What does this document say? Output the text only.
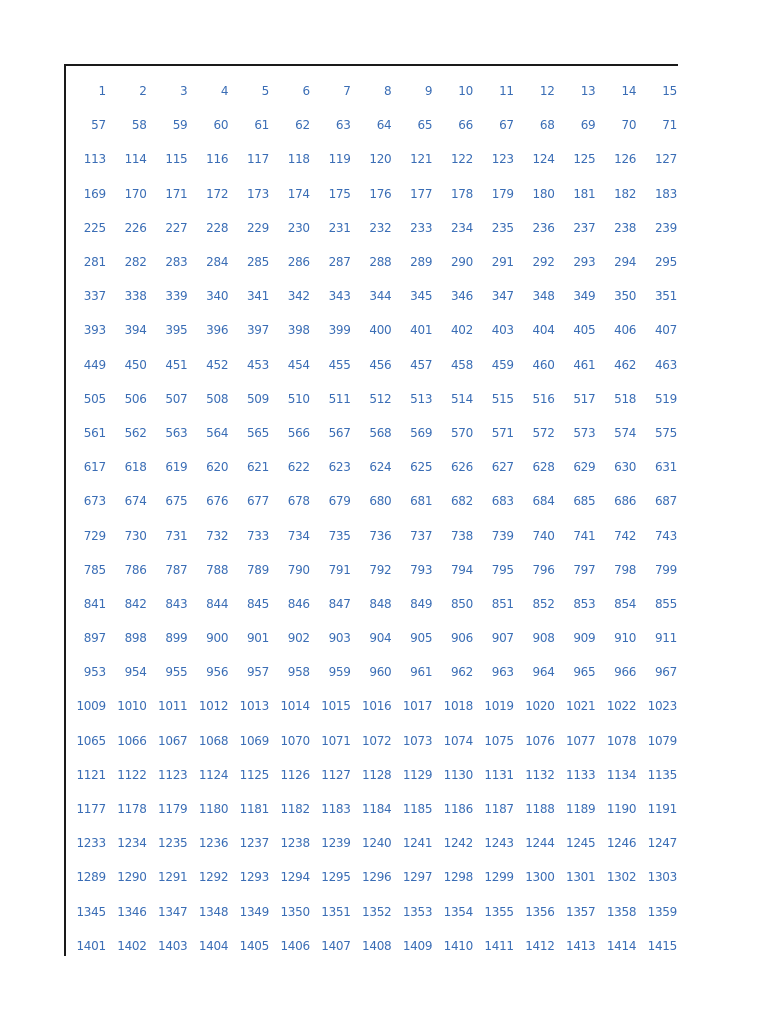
1	2	3	4	5	6	7	8	9	10	11	12	13	14	15
57	58	59	60	61	62	63	64	65	66	67	68	69	70	71
113	114	115	116	117	118	119	120	121	122	123	124	125	126	127
169	170	171	172	173	174	175	176	177	178	179	180	181	182	183
225	226	227	228	229	230	231	232	233	234	235	236	237	238	239
281	282	283	284	285	286	287	288	289	290	291	292	293	294	295
337	338	339	340	341	342	343	344	345	346	347	348	349	350	351
393	394	395	396	397	398	399	400	401	402	403	404	405	406	407
449	450	451	452	453	454	455	456	457	458	459	460	461	462	463
505	506	507	508	509	510	511	512	513	514	515	516	517	518	519
561	562	563	564	565	566	567	568	569	570	571	572	573	574	575
617	618	619	620	621	622	623	624	625	626	627	628	629	630	631
673	674	675	676	677	678	679	680	681	682	683	684	685	686	687
729	730	731	732	733	734	735	736	737	738	739	740	741	742	743
785	786	787	788	789	790	791	792	793	794	795	796	797	798	799
841	842	843	844	845	846	847	848	849	850	851	852	853	854	855
897	898	899	900	901	902	903	904	905	906	907	908	909	910	911
953	954	955	956	957	958	959	960	961	962	963	964	965	966	967
1009 1010 1011 1012 1013 1014 1015 1016 1017 1018 1019 1020 1021 1022 1023
1065 1066 1067 1068 1069 1070 1071 1072 1073 1074 1075 1076 1077 1078 1079
1121 1122 1123 1124 1125 1126 1127 1128 1129 1130 1131 1132 1133 1134 1135
1177 1178 1179 1180 1181 1182 1183 1184 1185 1186 1187 1188 1189 1190 1191
1233 1234 1235 1236 1237 1238 1239 1240 1241 1242 1243 1244 1245 1246 1247
1289 1290 1291 1292 1293 1294 1295 1296 1297 1298 1299 1300 1301 1302 1303
1345 1346 1347 1348 1349 1350 1351 1352 1353 1354 1355 1356 1357 1358 1359
1401 1402 1403 1404 1405 1406 1407 1408 1409 1410 1411 1412 1413 1414 1415
